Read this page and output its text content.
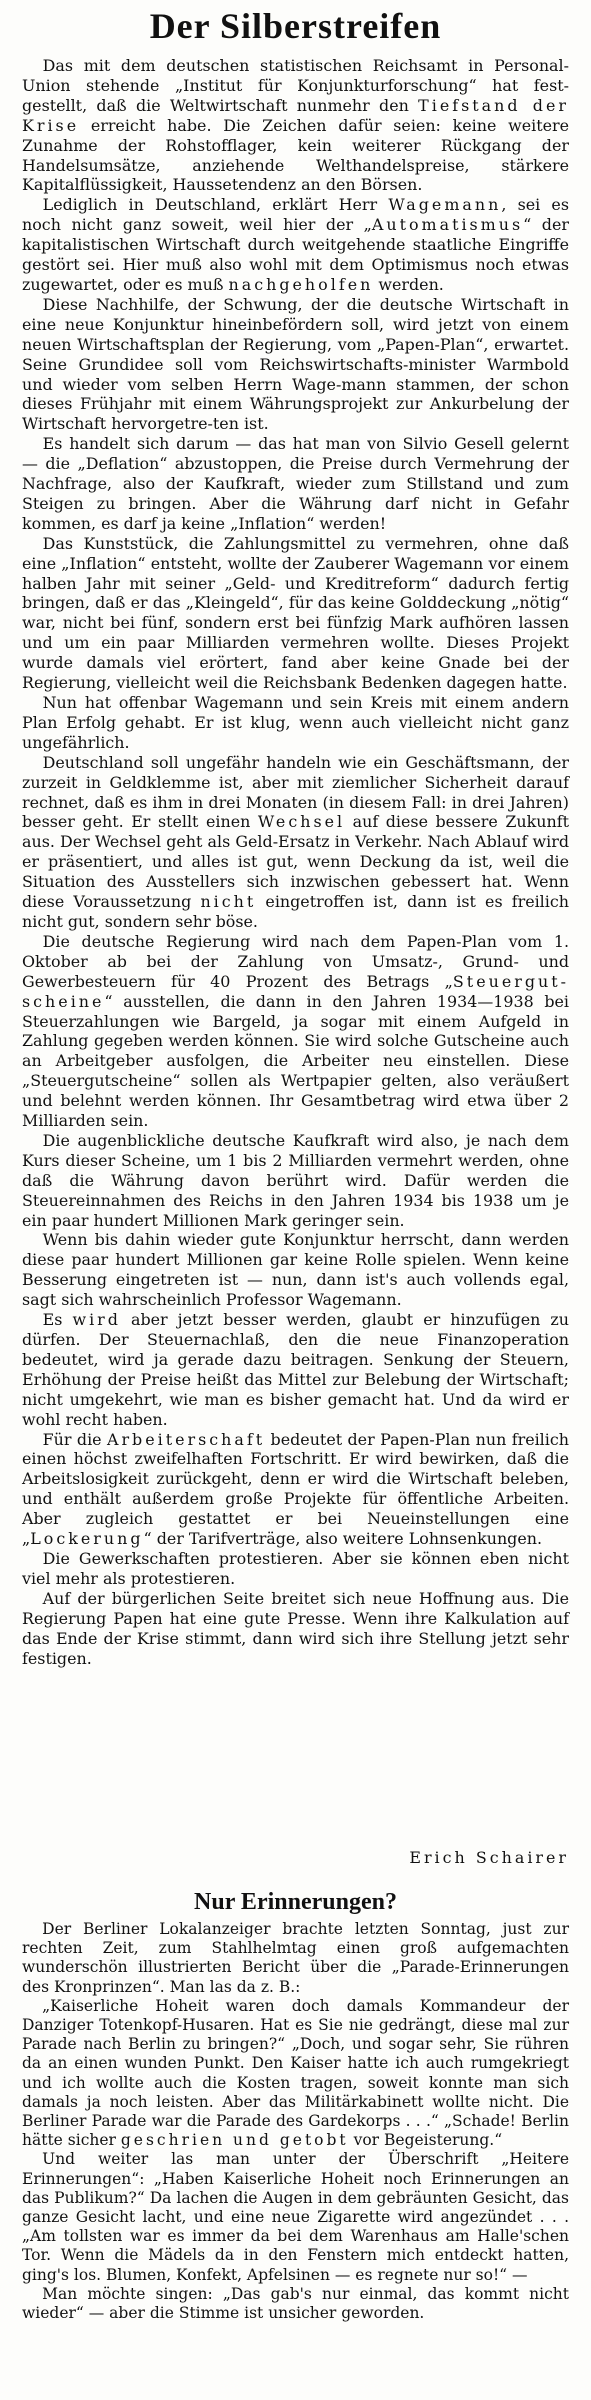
Der Silberstreifen

Das mit dem deutschen statistischen Reichsamt in Personal-Union stehende „Institut für Konjunkturforschung“ hat fest-gestellt, daß die Weltwirtschaft nunmehr den Tiefstand der Krise erreicht habe. Die Zeichen dafür seien: keine weitere Zunahme der Rohstofflager, kein weiterer Rückgang der Handelsumsätze, anziehende Welthandelspreise, stärkere Kapitalflüssigkeit, Haussetendenz an den Börsen.

Lediglich in Deutschland, erklärt Herr Wagemann, sei es noch nicht ganz soweit, weil hier der „Automatismus“ der kapitalistischen Wirtschaft durch weitgehende staatliche Eingriffe gestört sei. Hier muß also wohl mit dem Optimismus noch etwas zugewartet, oder es muß nachgeholfen werden.

Diese Nachhilfe, der Schwung, der die deutsche Wirtschaft in eine neue Konjunktur hineinbefördern soll, wird jetzt von einem neuen Wirtschaftsplan der Regierung, vom „Papen-Plan“, erwartet. Seine Grundidee soll vom Reichswirtschafts-minister Warmbold und wieder vom selben Herrn Wage-mann stammen, der schon dieses Frühjahr mit einem Währungsprojekt zur Ankurbelung der Wirtschaft hervorgetre-ten ist.

Es handelt sich darum — das hat man von Silvio Gesell gelernt — die „Deflation“ abzustoppen, die Preise durch Vermehrung der Nachfrage, also der Kaufkraft, wieder zum Stillstand und zum Steigen zu bringen. Aber die Währung darf nicht in Gefahr kommen, es darf ja keine „Inflation“ werden!

Das Kunststück, die Zahlungsmittel zu vermehren, ohne daß eine „Inflation“ entsteht, wollte der Zauberer Wagemann vor einem halben Jahr mit seiner „Geld- und Kreditreform“ dadurch fertig bringen, daß er das „Kleingeld“, für das keine Golddeckung „nötig“ war, nicht bei fünf, sondern erst bei fünfzig Mark aufhören lassen und um ein paar Milliarden vermehren wollte. Dieses Projekt wurde damals viel erörtert, fand aber keine Gnade bei der Regierung, vielleicht weil die Reichsbank Bedenken dagegen hatte.

Nun hat offenbar Wagemann und sein Kreis mit einem andern Plan Erfolg gehabt. Er ist klug, wenn auch vielleicht nicht ganz ungefährlich.

Deutschland soll ungefähr handeln wie ein Geschäftsmann, der zurzeit in Geldklemme ist, aber mit ziemlicher Sicherheit darauf rechnet, daß es ihm in drei Monaten (in diesem Fall: in drei Jahren) besser geht. Er stellt einen Wechsel auf diese bessere Zukunft aus. Der Wechsel geht als Geld-Ersatz in Verkehr. Nach Ablauf wird er präsentiert, und alles ist gut, wenn Deckung da ist, weil die Situation des Ausstellers sich inzwischen gebessert hat. Wenn diese Voraussetzung nicht eingetroffen ist, dann ist es freilich nicht gut, sondern sehr böse.

Die deutsche Regierung wird nach dem Papen-Plan vom 1. Oktober ab bei der Zahlung von Umsatz-, Grund- und Gewerbesteuern für 40 Prozent des Betrags „Steuergut-scheine“ ausstellen, die dann in den Jahren 1934—1938 bei Steuerzahlungen wie Bargeld, ja sogar mit einem Aufgeld in Zahlung gegeben werden können. Sie wird solche Gutscheine auch an Arbeitgeber ausfolgen, die Arbeiter neu einstellen. Diese „Steuergutscheine“ sollen als Wertpapier gelten, also veräußert und belehnt werden können. Ihr Gesamtbetrag wird etwa über 2 Milliarden sein.

Die augenblickliche deutsche Kaufkraft wird also, je nach dem Kurs dieser Scheine, um 1 bis 2 Milliarden vermehrt werden, ohne daß die Währung davon berührt wird. Dafür werden die Steuereinnahmen des Reichs in den Jahren 1934 bis 1938 um je ein paar hundert Millionen Mark geringer sein.

Wenn bis dahin wieder gute Konjunktur herrscht, dann werden diese paar hundert Millionen gar keine Rolle spielen. Wenn keine Besserung eingetreten ist — nun, dann ist's auch vollends egal, sagt sich wahrscheinlich Professor Wagemann.

Es wird aber jetzt besser werden, glaubt er hinzufügen zu dürfen. Der Steuernachlaß, den die neue Finanzoperation bedeutet, wird ja gerade dazu beitragen. Senkung der Steuern, Erhöhung der Preise heißt das Mittel zur Belebung der Wirtschaft; nicht umgekehrt, wie man es bisher gemacht hat. Und da wird er wohl recht haben.

Für die Arbeiterschaft bedeutet der Papen-Plan nun freilich einen höchst zweifelhaften Fortschritt. Er wird bewirken, daß die Arbeitslosigkeit zurückgeht, denn er wird die Wirtschaft beleben, und enthält außerdem große Projekte für öffentliche Arbeiten. Aber zugleich gestattet er bei Neueinstellungen eine „Lockerung“ der Tarifverträge, also weitere Lohnsenkungen.

Die Gewerkschaften protestieren. Aber sie können eben nicht viel mehr als protestieren.

Auf der bürgerlichen Seite breitet sich neue Hoffnung aus. Die Regierung Papen hat eine gute Presse. Wenn ihre Kalkulation auf das Ende der Krise stimmt, dann wird sich ihre Stellung jetzt sehr festigen.

Erich Schairer

Nur Erinnerungen?

Der Berliner Lokalanzeiger brachte letzten Sonntag, just zur rechten Zeit, zum Stahlhelmtag einen groß aufgemachten wunderschön illustrierten Bericht über die „Parade-Erinnerungen des Kronprinzen“. Man las da z. B.:

„Kaiserliche Hoheit waren doch damals Kommandeur der Danziger Totenkopf-Husaren. Hat es Sie nie gedrängt, diese mal zur Parade nach Berlin zu bringen?“ „Doch, und sogar sehr, Sie rühren da an einen wunden Punkt. Den Kaiser hatte ich auch rumgekriegt und ich wollte auch die Kosten tragen, soweit konnte man sich damals ja noch leisten. Aber das Militärkabinett wollte nicht. Die Berliner Parade war die Parade des Gardekorps . . .“ „Schade! Berlin hätte sicher geschrien und getobt vor Begeisterung.“

Und weiter las man unter der Überschrift „Heitere Erinnerungen“: „Haben Kaiserliche Hoheit noch Erinnerungen an das Publikum?“ Da lachen die Augen in dem gebräunten Gesicht, das ganze Gesicht lacht, und eine neue Zigarette wird angezündet . . . „Am tollsten war es immer da bei dem Warenhaus am Halle'schen Tor. Wenn die Mädels da in den Fenstern mich entdeckt hatten, ging's los. Blumen, Konfekt, Apfelsinen — es regnete nur so!“ —

Man möchte singen: „Das gab's nur einmal, das kommt nicht wieder“ — aber die Stimme ist unsicher geworden.
